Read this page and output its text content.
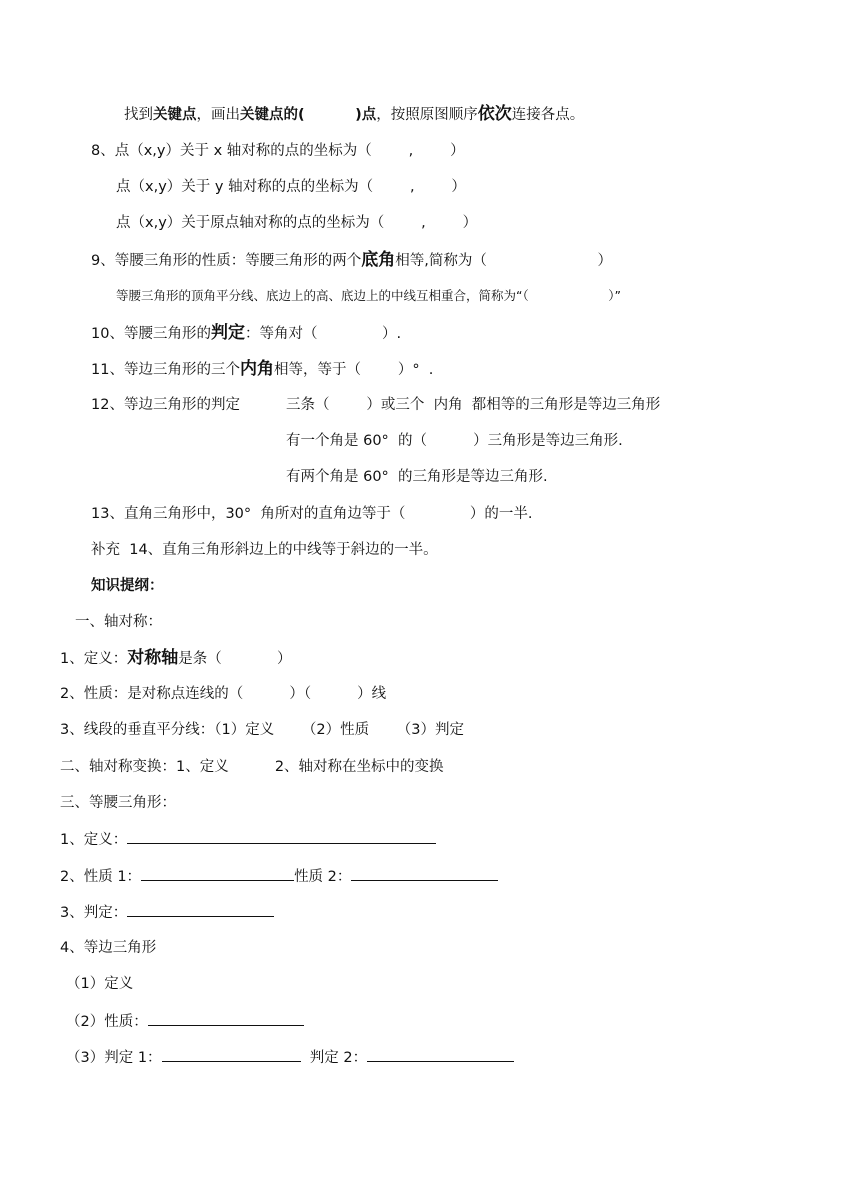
找到关键点，画出关键点的(          )点，按照原图顺序依次连接各点。
8、点（x,y）关于 x 轴对称的点的坐标为（        ,        ）
点（x,y）关于 y 轴对称的点的坐标为（        ,        ）
点（x,y）关于原点轴对称的点的坐标为（        ,        ）
9、等腰三角形的性质：等腰三角形的两个底角相等,简称为（                        ）
等腰三角形的顶角平分线、底边上的高、底边上的中线互相重合，简称为“（                    ）”
10、等腰三角形的判定：等角对（              ）.
11、等边三角形的三个内角相等，等于（        ）°  .
12、等边三角形的判定	三条（        ）或三个  内角  都相等的三角形是等边三角形
有一个角是 60°  的（          ）三角形是等边三角形.
有两个角是 60°  的三角形是等边三角形.
13、直角三角形中，30°  角所对的直角边等于（              ）的一半.
补充  14、直角三角形斜边上的中线等于斜边的一半。
知识提纲：
一、轴对称：
1、定义：对称轴是条（            ）
2、性质：是对称点连线的（          ）（          ）线
3、线段的垂直平分线：（1）定义      （2）性质      （3）判定
二、轴对称变换：1、定义          2、轴对称在坐标中的变换
三、等腰三角形：
1、定义：
2、性质 1：	性质 2：
3、判定：
4、等边三角形
（1）定义
（2）性质：
（3）判定 1：	判定 2：
